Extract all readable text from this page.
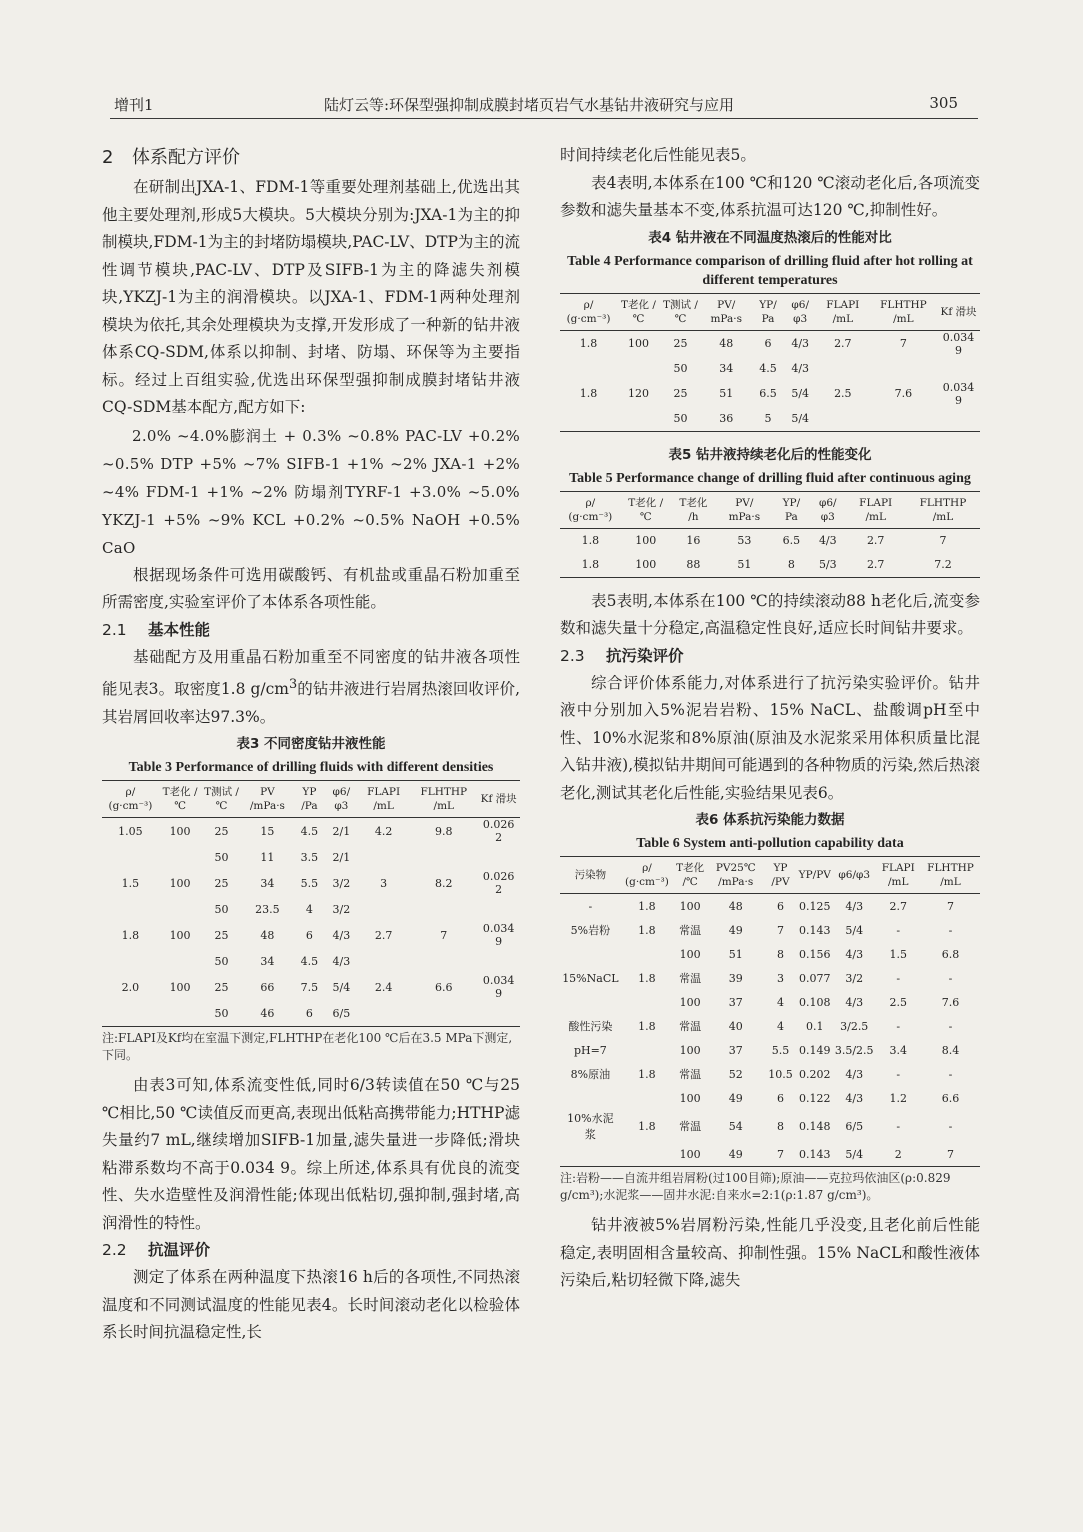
增刊1	陆灯云等:环保型强抑制成膜封堵页岩气水基钻井液研究与应用	305
2 体系配方评价

在研制出JXA-1、FDM-1等重要处理剂基础上,优选出其他主要处理剂,形成5大模块。5大模块分别为:JXA-1为主的抑制模块,FDM-1为主的封堵防塌模块,PAC-LV、DTP为主的流性调节模块,PAC-LV、DTP及SIFB-1为主的降滤失剂模块,YKZJ-1为主的润滑模块。以JXA-1、FDM-1两种处理剂模块为依托,其余处理模块为支撑,开发形成了一种新的钻井液体系CQ-SDM,体系以抑制、封堵、防塌、环保等为主要指标。经过上百组实验,优选出环保型强抑制成膜封堵钻井液CQ-SDM基本配方,配方如下:

2.0% ~4.0%膨润土 + 0.3% ~0.8% PAC-LV +0.2% ~0.5% DTP +5% ~7% SIFB-1 +1% ~2% JXA-1 +2% ~4% FDM-1 +1% ~2% 防塌剂TYRF-1 +3.0% ~5.0% YKZJ-1 +5% ~9% KCL +0.2% ~0.5% NaOH +0.5% CaO

根据现场条件可选用碳酸钙、有机盐或重晶石粉加重至所需密度,实验室评价了本体系各项性能。

2.1 基本性能

基础配方及用重晶石粉加重至不同密度的钻井液各项性能见表3。取密度1.8 $g/cm^3$的钻井液进行岩屑热滚回收评价,其岩屑回收率达97.3%。

表3 不同密度钻井液性能
Table 3 Performance of drilling fluids with different densities
ρ/ (g·cm⁻³)	T老化 /℃	T测试 /℃	PV /mPa·s	YP /Pa	φ6/φ3	FLAPI /mL	FLHTHP /mL	Kf 滑块
1.05	100	25	15	4.5	2/1	4.2	9.8	0.026 2
		50	11	3.5	2/1			
1.5	100	25	34	5.5	3/2	3	8.2	0.026 2
		50	23.5	4	3/2			
1.8	100	25	48	6	4/3	2.7	7	0.034 9
		50	34	4.5	4/3			
2.0	100	25	66	7.5	5/4	2.4	6.6	0.034 9
		50	46	6	6/5			
注:FLAPI及Kf均在室温下测定,FLHTHP在老化100 ℃后在3.5 MPa下测定,下同。

由表3可知,体系流变性低,同时6/3转读值在50 ℃与25 ℃相比,50 ℃读值反而更高,表现出低粘高携带能力;HTHP滤失量约7 mL,继续增加SIFB-1加量,滤失量进一步降低;滑块粘滞系数均不高于0.034 9。综上所述,体系具有优良的流变性、失水造壁性及润滑性能;体现出低粘切,强抑制,强封堵,高润滑性的特性。

2.2 抗温评价

测定了体系在两种温度下热滚16 h后的各项性,不同热滚温度和不同测试温度的性能见表4。长时间滚动老化以检验体系长时间抗温稳定性,长

时间持续老化后性能见表5。

表4表明,本体系在100 ℃和120 ℃滚动老化后,各项流变参数和滤失量基本不变,体系抗温可达120 ℃,抑制性好。

表4 钻井液在不同温度热滚后的性能对比
Table 4 Performance comparison of drilling fluid after hot rolling at different temperatures
ρ/ (g·cm⁻³)	T老化 /℃	T测试 /℃	PV/ mPa·s	YP/ Pa	φ6/φ3	FLAPI /mL	FLHTHP /mL	Kf 滑块
1.8	100	25	48	6	4/3	2.7	7	0.034 9
		50	34	4.5	4/3			
1.8	120	25	51	6.5	5/4	2.5	7.6	0.034 9
		50	36	5	5/4			
表5 钻井液持续老化后的性能变化
Table 5 Performance change of drilling fluid after continuous aging
ρ/ (g·cm⁻³)	T老化 /℃	T老化 /h	PV/ mPa·s	YP/ Pa	φ6/φ3	FLAPI /mL	FLHTHP /mL
1.8	100	16	53	6.5	4/3	2.7	7
1.8	100	88	51	8	5/3	2.7	7.2

表5表明,本体系在100 ℃的持续滚动88 h老化后,流变参数和滤失量十分稳定,高温稳定性良好,适应长时间钻井要求。

2.3 抗污染评价

综合评价体系能力,对体系进行了抗污染实验评价。钻井液中分别加入5%泥岩岩粉、15% NaCL、盐酸调pH至中性、10%水泥浆和8%原油(原油及水泥浆采用体积质量比混入钻井液),模拟钻井期间可能遇到的各种物质的污染,然后热滚老化,测试其老化后性能,实验结果见表6。

表6 体系抗污染能力数据
Table 6 System anti-pollution capability data
污染物	ρ/ (g·cm⁻³)	T老化 /℃	PV25℃ /mPa·s	YP /PV	YP/PV	φ6/φ3	FLAPI /mL	FLHTHP /mL
-	1.8	100	48	6	0.125	4/3	2.7	7
5%岩粉	1.8	常温	49	7	0.143	5/4	-	-
		100	51	8	0.156	4/3	1.5	6.8
15%NaCL	1.8	常温	39	3	0.077	3/2	-	-
		100	37	4	0.108	4/3	2.5	7.6
酸性污染	1.8	常温	40	4	0.1	3/2.5	-	-
pH=7		100	37	5.5	0.149	3.5/2.5	3.4	8.4
8%原油	1.8	常温	52	10.5	0.202	4/3	-	-
		100	49	6	0.122	4/3	1.2	6.6
10%水泥浆	1.8	常温	54	8	0.148	6/5	-	-
		100	49	7	0.143	5/4	2	7
注:岩粉——自流井组岩屑粉(过100目筛);原油——克拉玛依油区(ρ:0.829 g/cm³);水泥浆——固井水泥:自来水=2:1(ρ:1.87 g/cm³)。

钻井液被5%岩屑粉污染,性能几乎没变,且老化前后性能稳定,表明固相含量较高、抑制性强。15% NaCL和酸性液体污染后,粘切轻微下降,滤失
